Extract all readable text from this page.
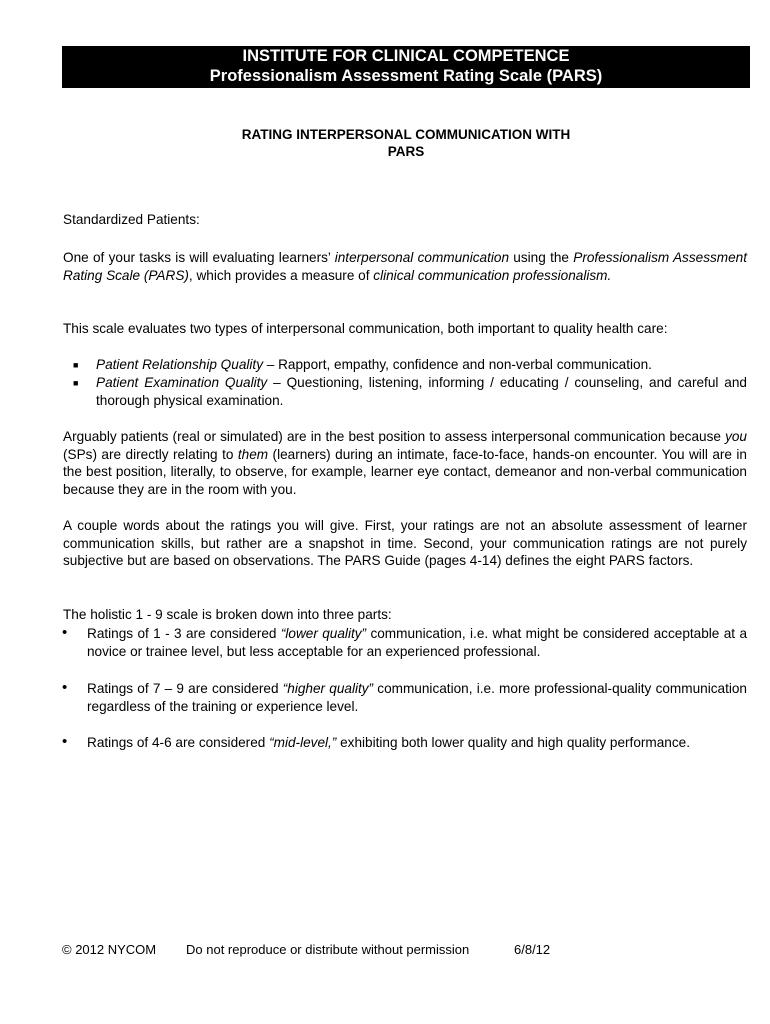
INSTITUTE FOR CLINICAL COMPETENCE
Professionalism Assessment Rating Scale (PARS)
RATING INTERPERSONAL COMMUNICATION WITH
PARS
Standardized Patients:
One of your tasks is will evaluating learners’ interpersonal communication using the Professionalism Assessment Rating Scale (PARS), which provides a measure of clinical communication professionalism.
This scale evaluates two types of interpersonal communication, both important to quality health care:
■ Patient Relationship Quality – Rapport, empathy, confidence and non-verbal communication.
■ Patient Examination Quality – Questioning, listening, informing / educating / counseling, and careful and thorough physical examination.
Arguably patients (real or simulated) are in the best position to assess interpersonal communication because you (SPs) are directly relating to them (learners) during an intimate, face-to-face, hands-on encounter. You will are in the best position, literally, to observe, for example, learner eye contact, demeanor and non-verbal communication because they are in the room with you.
A couple words about the ratings you will give. First, your ratings are not an absolute assessment of learner communication skills, but rather are a snapshot in time. Second, your communication ratings are not purely subjective but are based on observations. The PARS Guide (pages 4-14) defines the eight PARS factors.
The holistic 1 - 9 scale is broken down into three parts:
• Ratings of 1 - 3 are considered “lower quality” communication, i.e. what might be considered acceptable at a novice or trainee level, but less acceptable for an experienced professional.
• Ratings of 7 – 9 are considered “higher quality” communication, i.e. more professional-quality communication regardless of the training or experience level.
• Ratings of 4-6 are considered “mid-level,” exhibiting both lower quality and high quality performance.
© 2012 NYCOM Do not reproduce or distribute without permission	6/8/12
